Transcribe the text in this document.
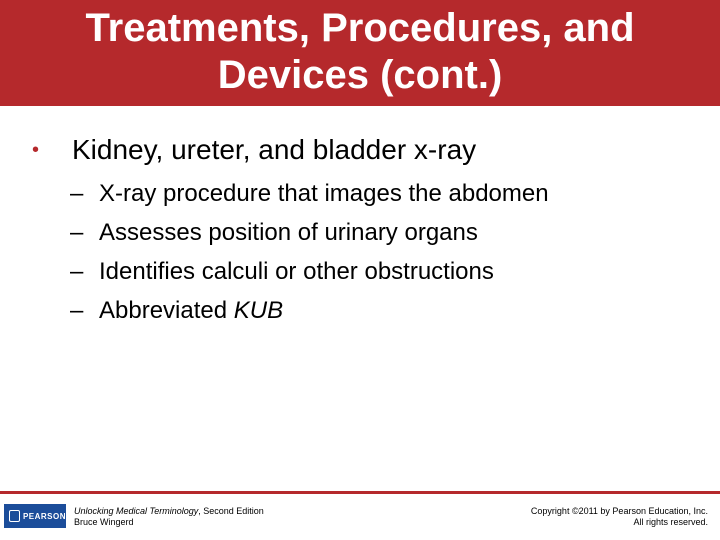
Treatments, Procedures, and
Devices (cont.)
•	Kidney, ureter, and bladder x-ray
– X-ray procedure that images the abdomen
– Assesses position of urinary organs
– Identifies calculi or other obstructions
– Abbreviated KUB
PEARSON Unlocking Medical Terminology, Second Edition
Bruce Wingerd
Copyright ©2011 by Pearson Education, Inc.
All rights reserved.
